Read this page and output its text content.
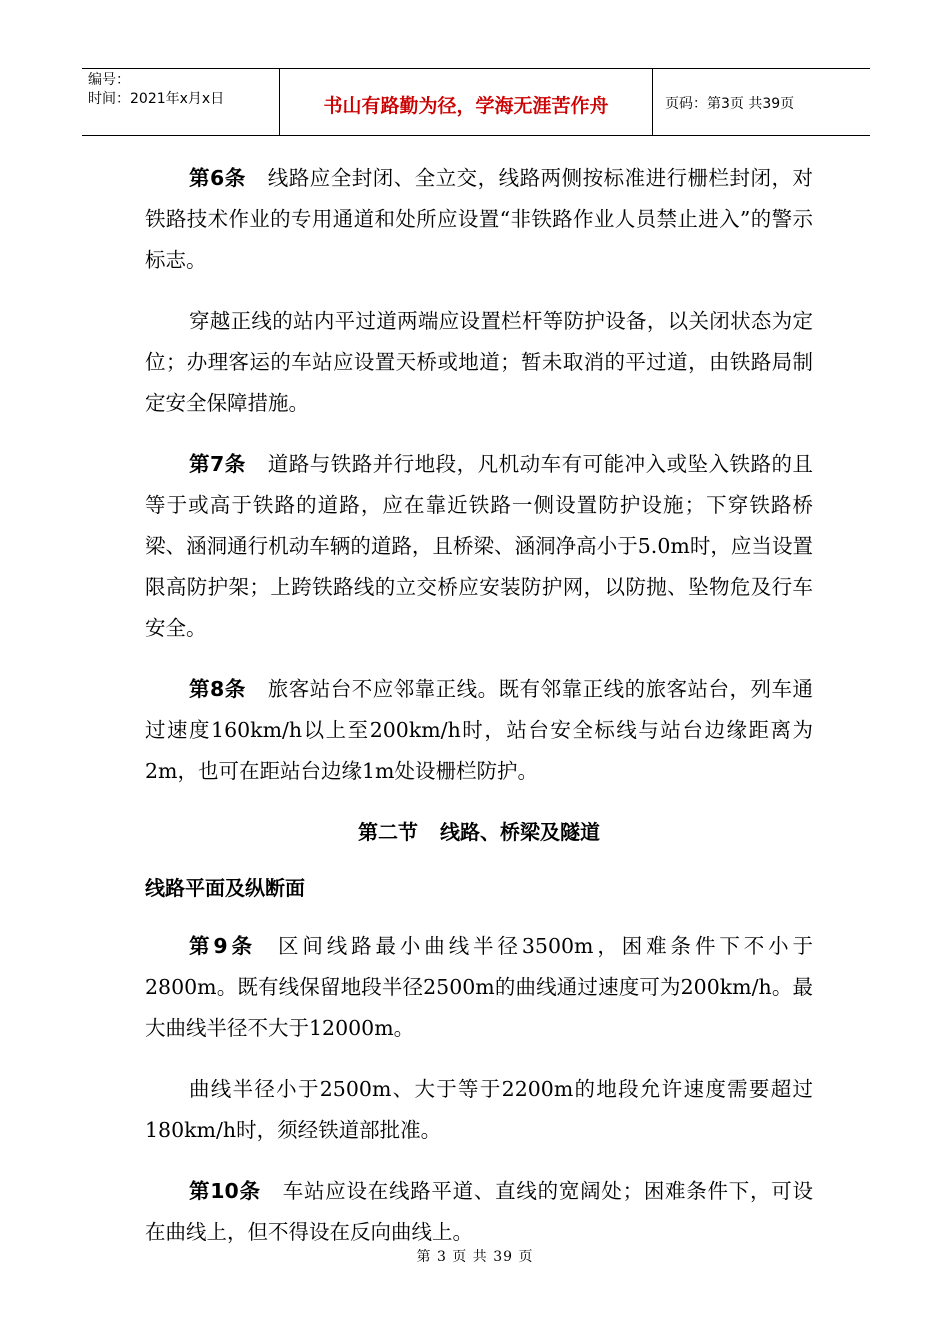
编号：
时间：2021年x月x日	书山有路勤为径，学海无涯苦作舟	页码：第3页 共39页

第6条 线路应全封闭、全立交，线路两侧按标准进行栅栏封闭，对铁路技术作业的专用通道和处所应设置“非铁路作业人员禁止进入”的警示标志。

穿越正线的站内平过道两端应设置栏杆等防护设备，以关闭状态为定位；办理客运的车站应设置天桥或地道；暂未取消的平过道，由铁路局制定安全保障措施。

第7条 道路与铁路并行地段，凡机动车有可能冲入或坠入铁路的且等于或高于铁路的道路，应在靠近铁路一侧设置防护设施；下穿铁路桥梁、涵洞通行机动车辆的道路，且桥梁、涵洞净高小于5.0m时，应当设置限高防护架；上跨铁路线的立交桥应安装防护网，以防抛、坠物危及行车安全。

第8条 旅客站台不应邻靠正线。既有邻靠正线的旅客站台，列车通过速度160km/h以上至200km/h时，站台安全标线与站台边缘距离为2m，也可在距站台边缘1m处设栅栏防护。

第二节 线路、桥梁及隧道
线路平面及纵断面

第9条 区间线路最小曲线半径3500m，困难条件下不小于2800m。既有线保留地段半径2500m的曲线通过速度可为200km/h。最大曲线半径不大于12000m。

曲线半径小于2500m、大于等于2200m的地段允许速度需要超过180km/h时，须经铁道部批准。

第10条 车站应设在线路平道、直线的宽阔处；困难条件下，可设在曲线上，但不得设在反向曲线上。

第 3 页 共 39 页
